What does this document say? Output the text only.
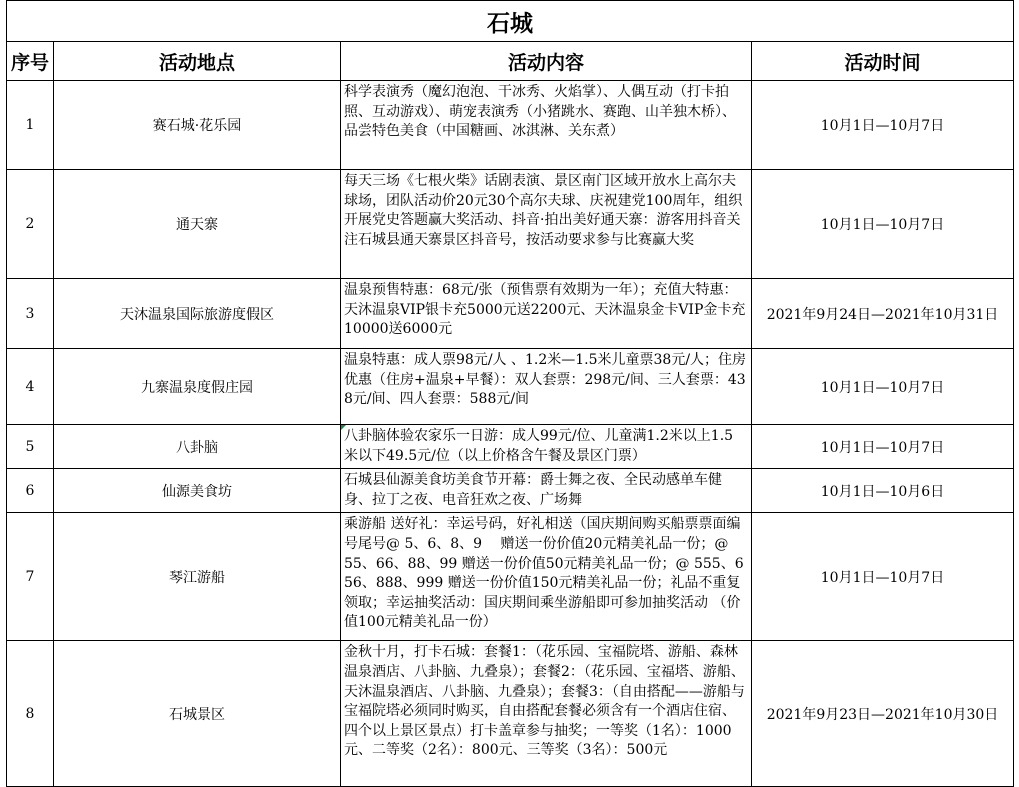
石城			
序号	活动地点	活动内容	活动时间
1	赛石城·花乐园	科学表演秀（魔幻泡泡、干冰秀、火焰掌）、人偶互动（打卡拍照、互动游戏）、萌宠表演秀（小猪跳水、赛跑、山羊独木桥）、品尝特色美食（中国糖画、冰淇淋、关东煮）	10月1日—10月7日
2	通天寨	每天三场《七根火柴》话剧表演、景区南门区域开放水上高尔夫球场，团队活动价20元30个高尔夫球、庆祝建党100周年，组织开展党史答题赢大奖活动、抖音·拍出美好通天寨：游客用抖音关注石城县通天寨景区抖音号，按活动要求参与比赛赢大奖	10月1日—10月7日
3	天沐温泉国际旅游度假区	温泉预售特惠：68元/张（预售票有效期为一年）；充值大特惠：天沐温泉VIP银卡充5000元送2200元、天沐温泉金卡VIP金卡充10000送6000元	2021年9月24日—2021年10月31日
4	九寨温泉度假庄园	温泉特惠：成人票98元/人 、1.2米—1.5米儿童票38元/人；住房优惠（住房+温泉+早餐）：双人套票：298元/间、三人套票：438元/间、四人套票：588元/间	10月1日—10月7日
5	八卦脑	八卦脑体验农家乐一日游：成人99元/位、儿童满1.2米以上1.5米以下49.5元/位（以上价格含午餐及景区门票）	10月1日—10月7日
6	仙源美食坊	石城县仙源美食坊美食节开幕：爵士舞之夜、全民动感单车健身、拉丁之夜、电音狂欢之夜、广场舞	10月1日—10月6日
7	琴江游船	乘游船 送好礼：幸运号码，好礼相送（国庆期间购买船票票面编号尾号@ 5、6、8、9　 赠送一份价值20元精美礼品一份；@　55、66、88、99 赠送一份价值50元精美礼品一份；@ 555、656、888、999 赠送一份价值150元精美礼品一份；礼品不重复领取；幸运抽奖活动：国庆期间乘坐游船即可参加抽奖活动 （价值100元精美礼品一份）	10月1日—10月7日
8	石城景区	金秋十月，打卡石城：套餐1：（花乐园、宝福院塔、游船、森林温泉酒店、八卦脑、九叠泉）；套餐2：（花乐园、宝福塔、游船、天沐温泉酒店、八卦脑、九叠泉）；套餐3：（自由搭配——游船与宝福院塔必须同时购买，自由搭配套餐必须含有一个酒店住宿、四个以上景区景点）打卡盖章参与抽奖；一等奖（1名）：1000元、二等奖（2名）：800元、三等奖（3名）：500元	2021年9月23日—2021年10月30日
